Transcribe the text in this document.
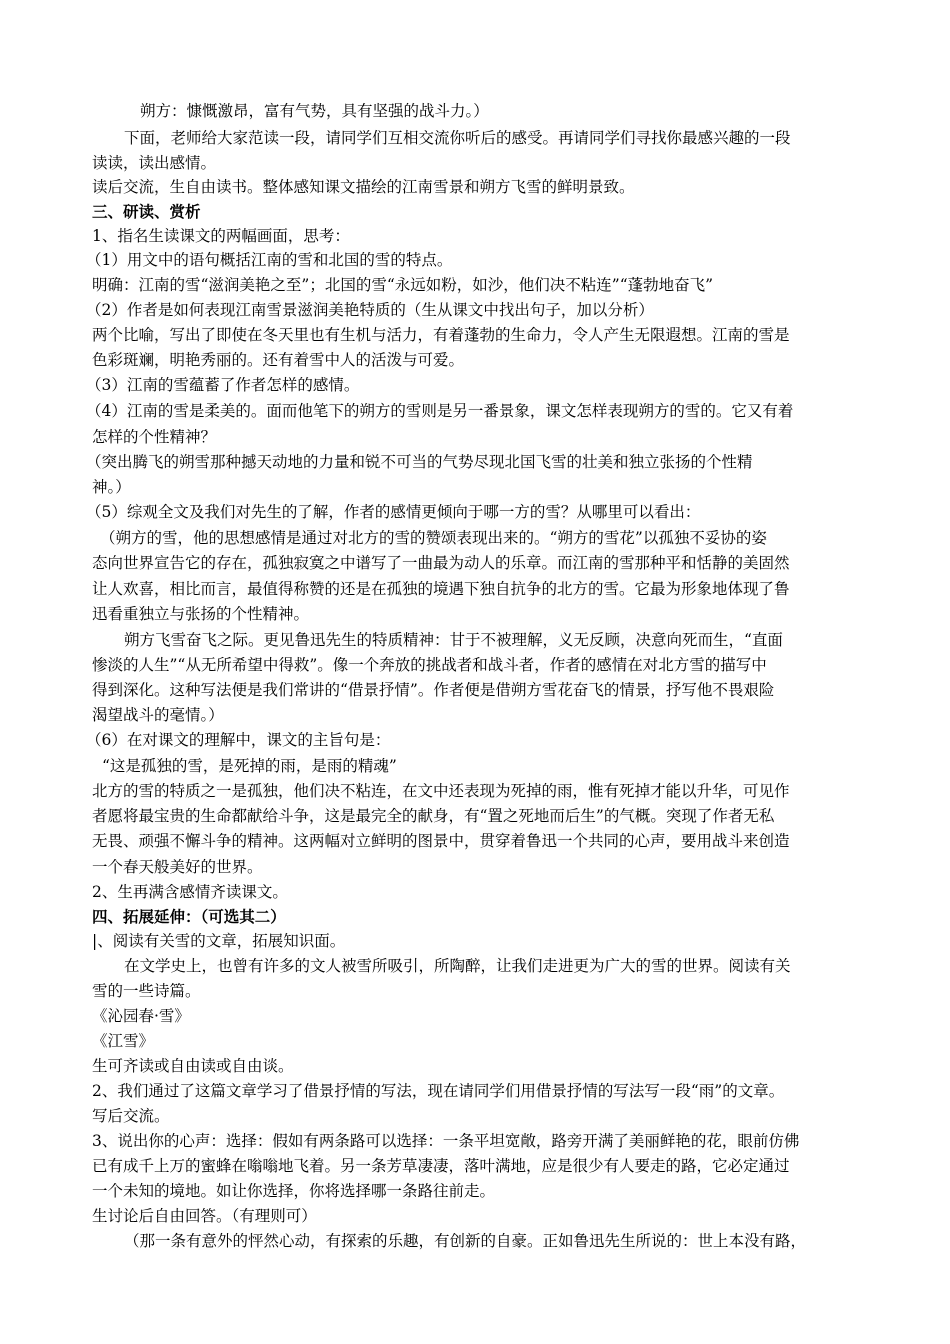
朔方：慷慨激昂，富有气势，具有坚强的战斗力。）
下面，老师给大家范读一段，请同学们互相交流你听后的感受。再请同学们寻找你最感兴趣的一段
读读，读出感情。
读后交流，生自由读书。整体感知课文描绘的江南雪景和朔方飞雪的鲜明景致。
三、研读、赏析
1、指名生读课文的两幅画面，思考：
（1）用文中的语句概括江南的雪和北国的雪的特点。
明确：江南的雪“滋润美艳之至”；北国的雪“永远如粉，如沙，他们决不粘连”“蓬勃地奋飞”
（2）作者是如何表现江南雪景滋润美艳特质的（生从课文中找出句子，加以分析）
两个比喻，写出了即使在冬天里也有生机与活力，有着蓬勃的生命力，令人产生无限遐想。江南的雪是
色彩斑斓，明艳秀丽的。还有着雪中人的活泼与可爱。
（3）江南的雪蕴蓄了作者怎样的感情。
（4）江南的雪是柔美的。面而他笔下的朔方的雪则是另一番景象，课文怎样表现朔方的雪的。它又有着
怎样的个性精神？
（突出腾飞的朔雪那种撼天动地的力量和锐不可当的气势尽现北国飞雪的壮美和独立张扬的个性精
神。）
（5）综观全文及我们对先生的了解，作者的感情更倾向于哪一方的雪？从哪里可以看出：
（朔方的雪，他的思想感情是通过对北方的雪的赞颂表现出来的。“朔方的雪花”以孤独不妥协的姿
态向世界宣告它的存在，孤独寂寞之中谱写了一曲最为动人的乐章。而江南的雪那种平和恬静的美固然
让人欢喜，相比而言，最值得称赞的还是在孤独的境遇下独自抗争的北方的雪。它最为形象地体现了鲁
迅看重独立与张扬的个性精神。
朔方飞雪奋飞之际。更见鲁迅先生的特质精神：甘于不被理解，义无反顾，决意向死而生，“直面
惨淡的人生”“从无所希望中得救”。像一个奔放的挑战者和战斗者，作者的感情在对北方雪的描写中
得到深化。这种写法便是我们常讲的“借景抒情”。作者便是借朔方雪花奋飞的情景，抒写他不畏艰险
渴望战斗的毫情。）
（6）在对课文的理解中，课文的主旨句是：
“这是孤独的雪，是死掉的雨，是雨的精魂”
北方的雪的特质之一是孤独，他们决不粘连，在文中还表现为死掉的雨，惟有死掉才能以升华，可见作
者愿将最宝贵的生命都献给斗争，这是最完全的献身，有“置之死地而后生”的气概。突现了作者无私
无畏、顽强不懈斗争的精神。这两幅对立鲜明的图景中，贯穿着鲁迅一个共同的心声，要用战斗来创造
一个春天般美好的世界。
2、生再满含感情齐读课文。
四、拓展延伸：（可选其二）
|、阅读有关雪的文章，拓展知识面。
在文学史上，也曾有许多的文人被雪所吸引，所陶醉，让我们走进更为广大的雪的世界。阅读有关
雪的一些诗篇。
《沁园春·雪》
《江雪》
生可齐读或自由读或自由谈。
2、我们通过了这篇文章学习了借景抒情的写法，现在请同学们用借景抒情的写法写一段“雨”的文章。
写后交流。
3、说出你的心声：选择：假如有两条路可以选择：一条平坦宽敞，路旁开满了美丽鲜艳的花，眼前仿佛
已有成千上万的蜜蜂在嗡嗡地飞着。另一条芳草凄凄，落叶满地，应是很少有人要走的路，它必定通过
一个未知的境地。如让你选择，你将选择哪一条路往前走。
生讨论后自由回答。（有理则可）
（那一条有意外的怦然心动，有探索的乐趣，有创新的自豪。正如鲁迅先生所说的：世上本没有路，
